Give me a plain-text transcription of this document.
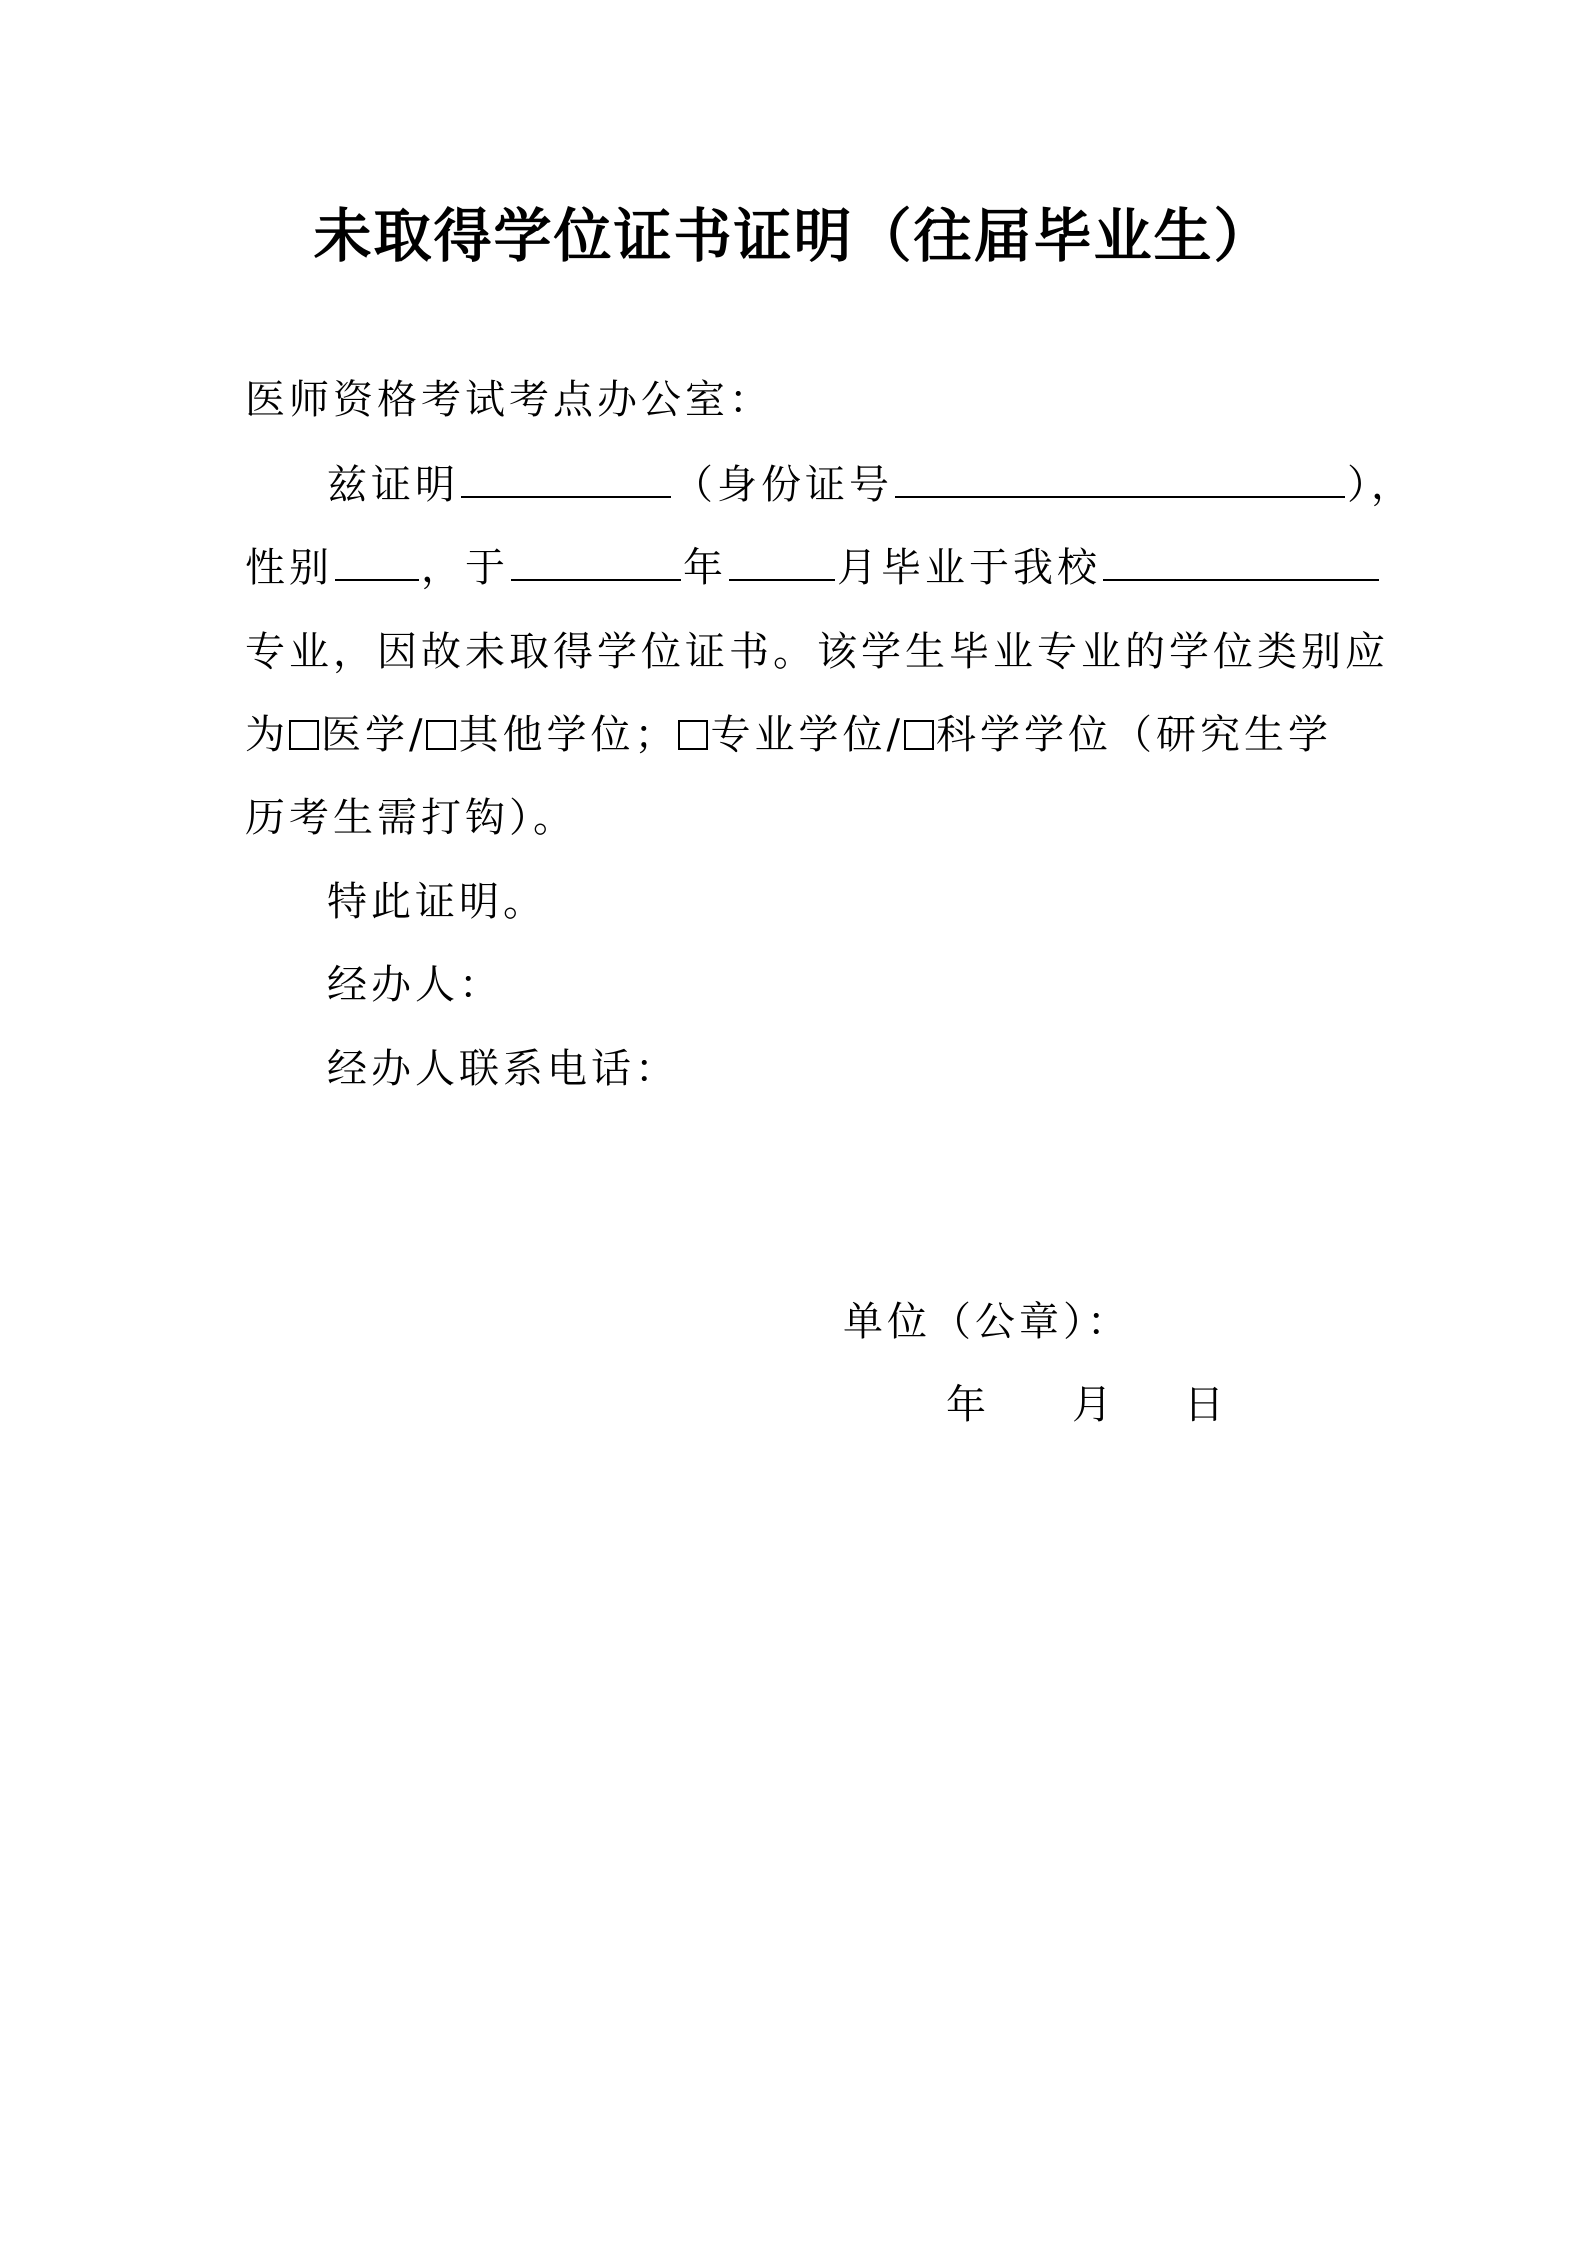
未取得学位证书证明（往届毕业生）
医师资格考试考点办公室：
兹证明	（身份证号	），
性别 ，于	年	月毕业于我校
专业，因故未取得学位证书。该学生毕业专业的学位类别应
为 医学/ 其他学位； 专业学位/ 科学学位（研究生学
历考生需打钩）。
特此证明。
经办人：
经办人联系电话：
单位（公章）：
年 月 日
